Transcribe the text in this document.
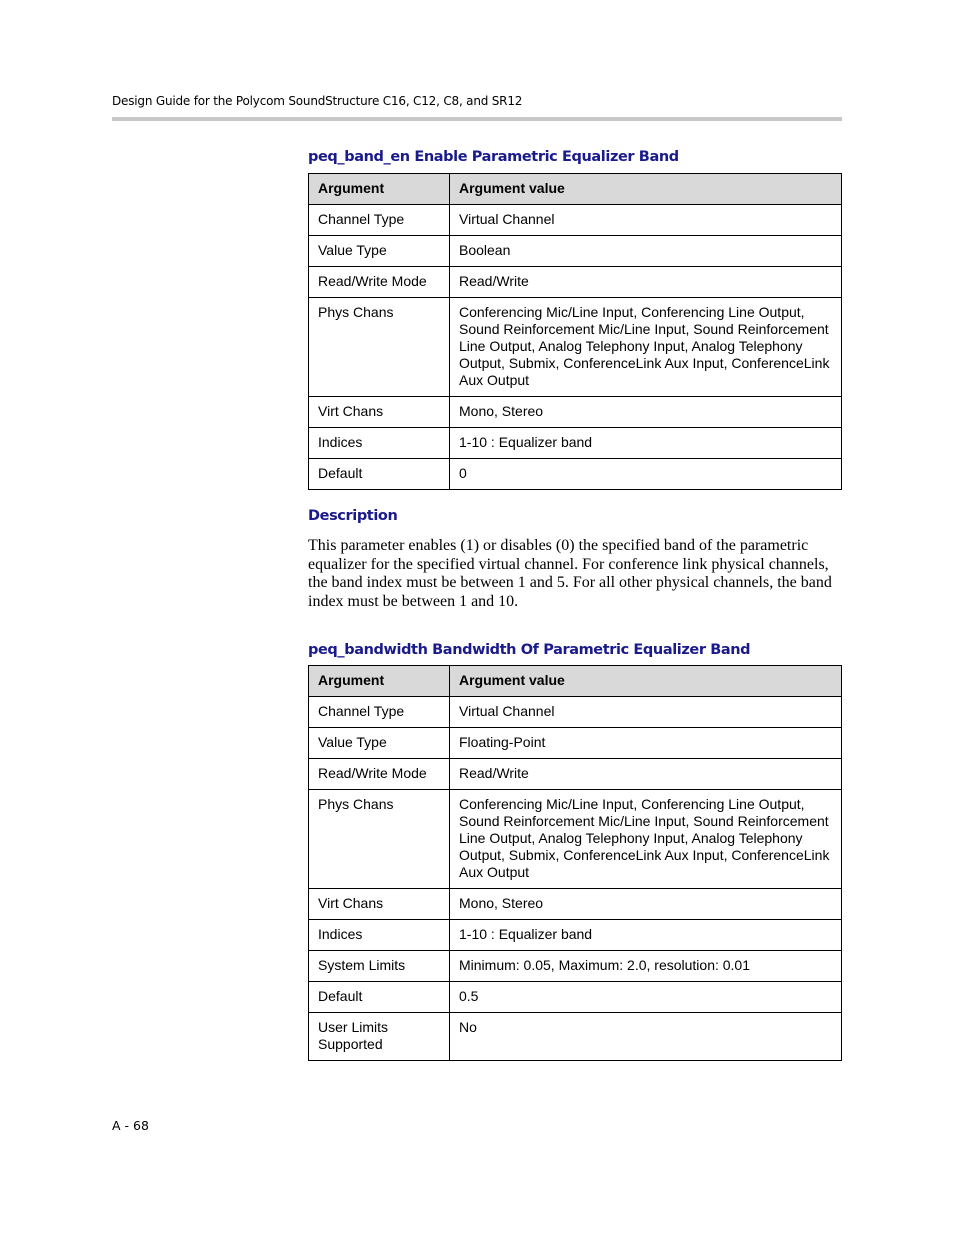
Design Guide for the Polycom SoundStructure C16, C12, C8, and SR12
peq_band_en Enable Parametric Equalizer Band
Argument	Argument value
Channel Type	Virtual Channel
Value Type	Boolean
Read/Write Mode	Read/Write
Phys Chans	Conferencing Mic/Line Input, Conferencing Line Output, Sound Reinforcement Mic/Line Input, Sound Reinforcement Line Output, Analog Telephony Input, Analog Telephony Output, Submix, ConferenceLink Aux Input, ConferenceLink Aux Output
Virt Chans	Mono, Stereo
Indices	1-10 : Equalizer band
Default	0
Description
This parameter enables (1) or disables (0) the specified band of the parametric equalizer for the specified virtual channel. For conference link physical channels, the band index must be between 1 and 5. For all other physical channels, the band index must be between 1 and 10.
peq_bandwidth Bandwidth Of Parametric Equalizer Band
Argument	Argument value
Channel Type	Virtual Channel
Value Type	Floating-Point
Read/Write Mode	Read/Write
Phys Chans	Conferencing Mic/Line Input, Conferencing Line Output, Sound Reinforcement Mic/Line Input, Sound Reinforcement Line Output, Analog Telephony Input, Analog Telephony Output, Submix, ConferenceLink Aux Input, ConferenceLink Aux Output
Virt Chans	Mono, Stereo
Indices	1-10 : Equalizer band
System Limits	Minimum: 0.05, Maximum: 2.0, resolution: 0.01
Default	0.5
User Limits Supported	No
A - 68
